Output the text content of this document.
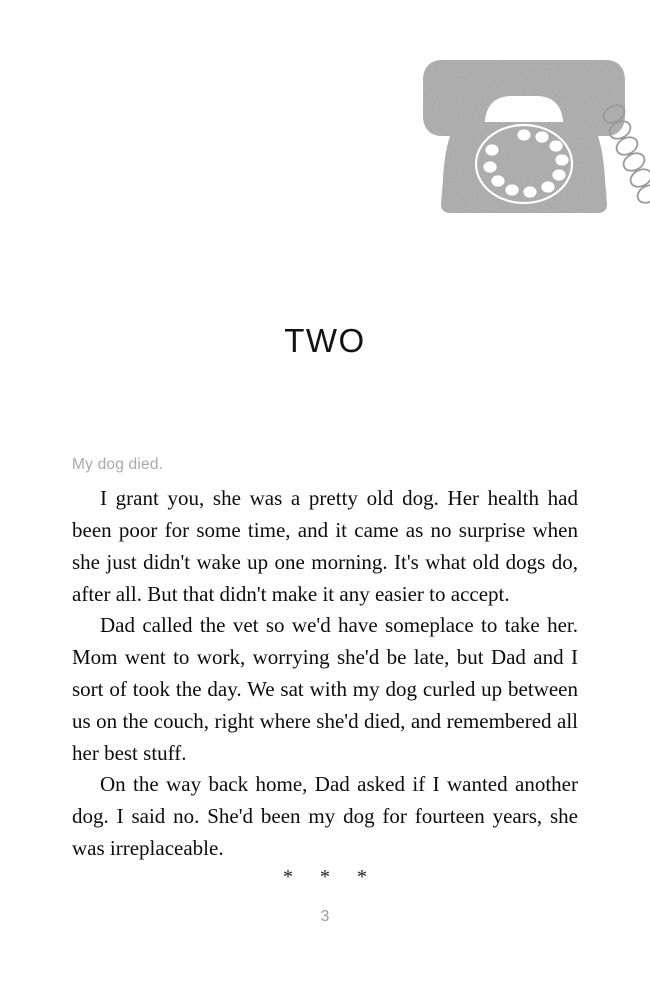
TWO

My dog died.

I grant you, she was a pretty old dog. Her health had been poor for some time, and it came as no surprise when she just didn't wake up one morning. It's what old dogs do, after all. But that didn't make it any easier to accept.

Dad called the vet so we'd have someplace to take her. Mom went to work, worrying she'd be late, but Dad and I sort of took the day. We sat with my dog curled up between us on the couch, right where she'd died, and remembered all her best stuff.

On the way back home, Dad asked if I wanted another dog. I said no. She'd been my dog for fourteen years, she was irreplaceable.

* * *
3
